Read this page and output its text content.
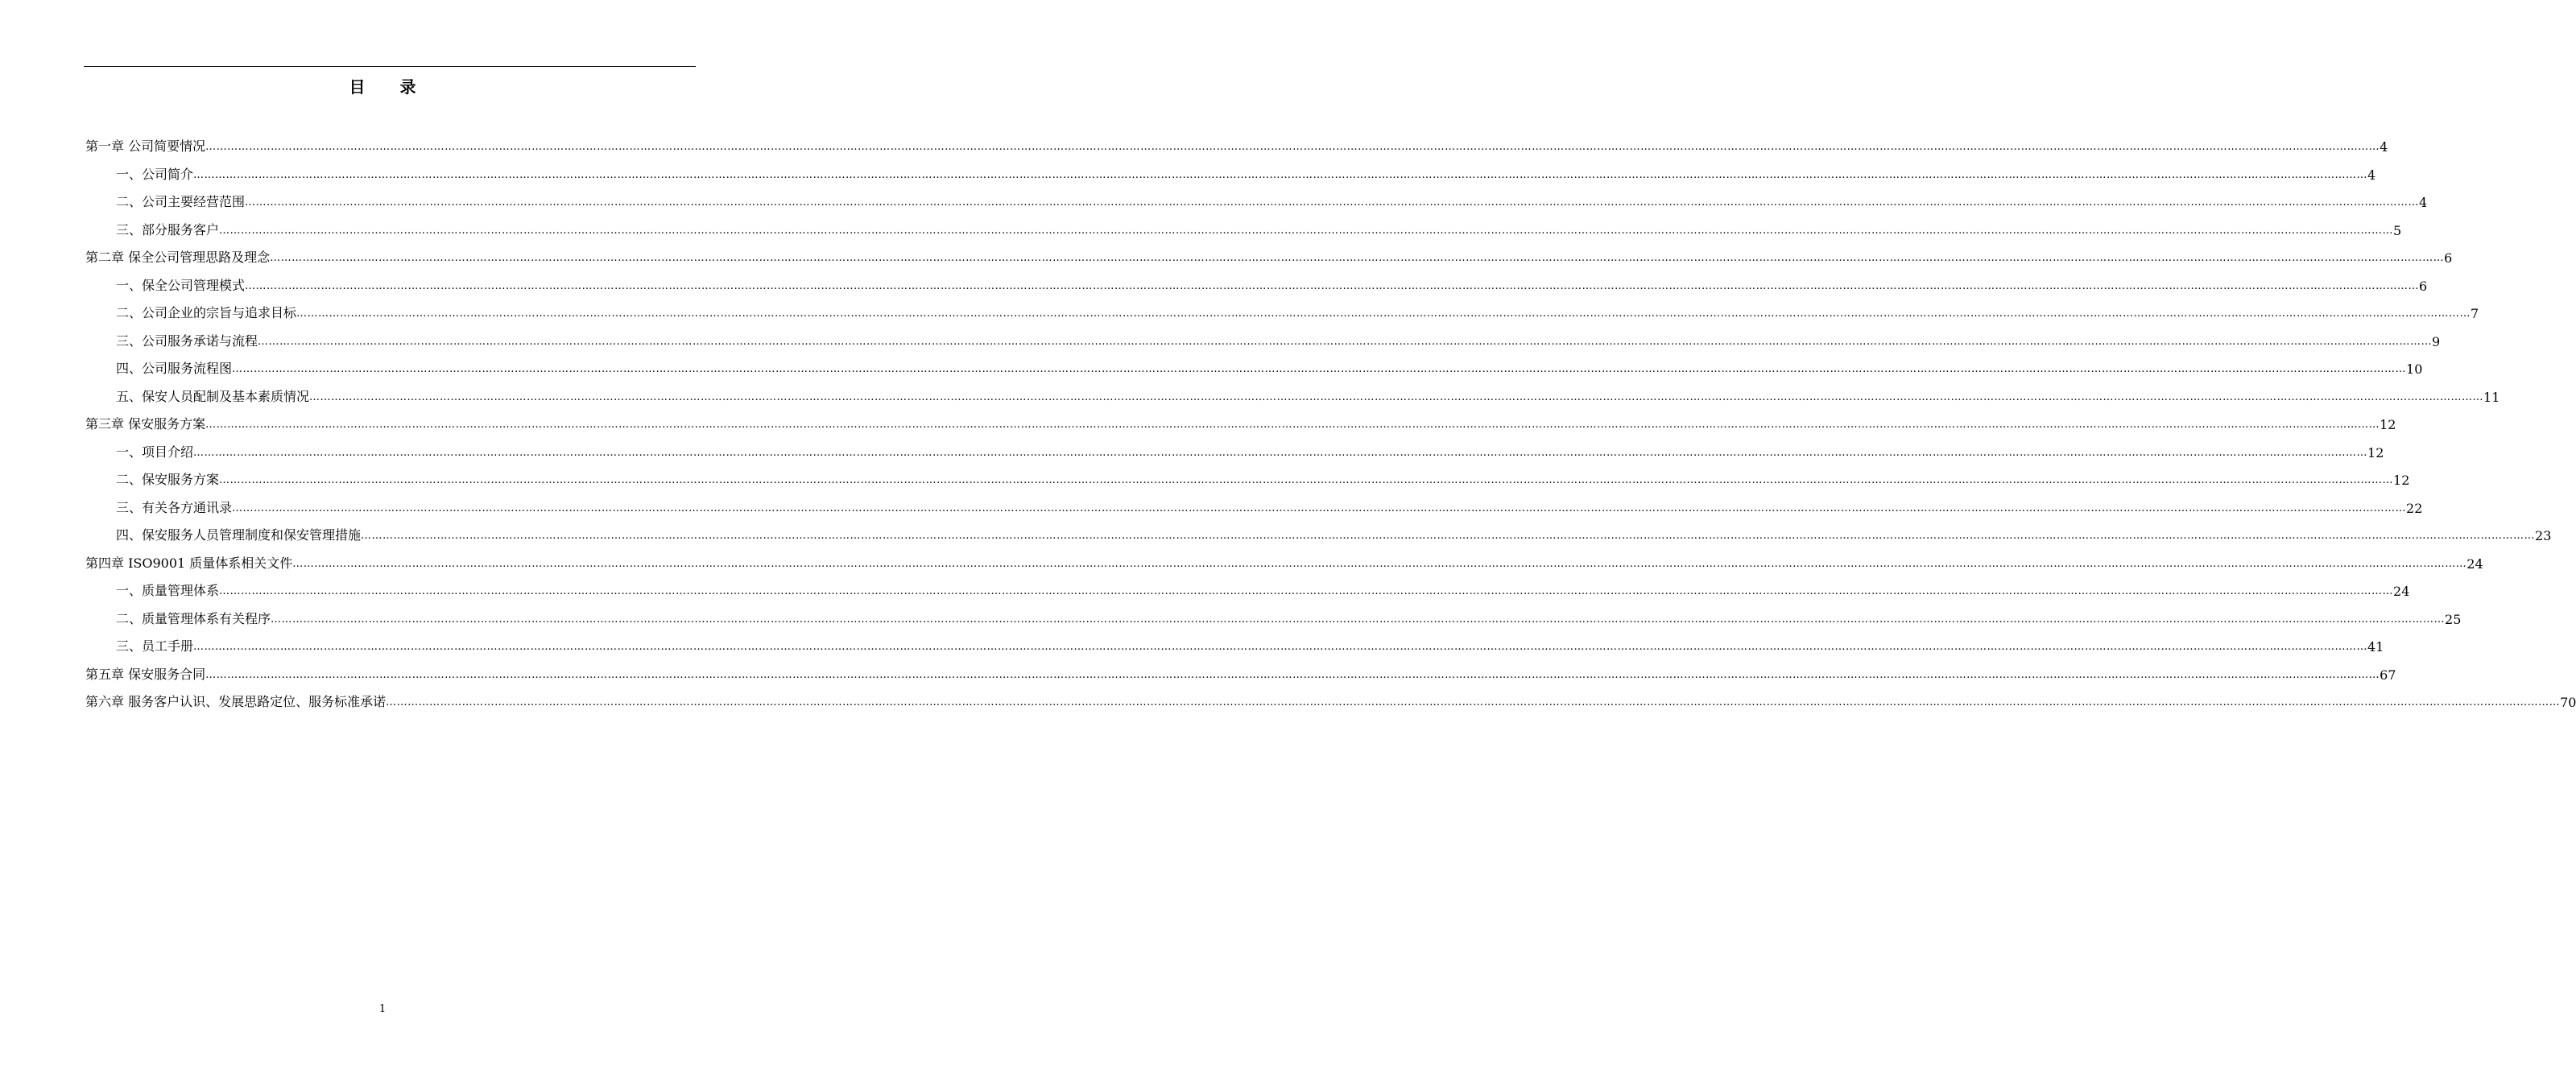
目 录
第一章 公司简要情况 …………………………………………………………………………………………………………………………………………………………………………………………………………………………………………………………………………………………………………………………………………………………………………………………………………………………………………………………………………………………………………………………………………………… 4
一、公司简介 …………………………………………………………………………………………………………………………………………………………………………………………………………………………………………………………………………………………………………………………………………………………………………………………………………………………………………………………………………………………………………………………………………………… 4
二、公司主要经营范围 …………………………………………………………………………………………………………………………………………………………………………………………………………………………………………………………………………………………………………………………………………………………………………………………………………………………………………………………………………………………………………………………………………………… 4
三、部分服务客户 …………………………………………………………………………………………………………………………………………………………………………………………………………………………………………………………………………………………………………………………………………………………………………………………………………………………………………………………………………………………………………………………………………………… 5
第二章 保全公司管理思路及理念 …………………………………………………………………………………………………………………………………………………………………………………………………………………………………………………………………………………………………………………………………………………………………………………………………………………………………………………………………………………………………………………………………………………… 6
一、保全公司管理模式 …………………………………………………………………………………………………………………………………………………………………………………………………………………………………………………………………………………………………………………………………………………………………………………………………………………………………………………………………………………………………………………………………………………… 6
二、公司企业的宗旨与追求目标 …………………………………………………………………………………………………………………………………………………………………………………………………………………………………………………………………………………………………………………………………………………………………………………………………………………………………………………………………………………………………………………………………………………… 7
三、公司服务承诺与流程 …………………………………………………………………………………………………………………………………………………………………………………………………………………………………………………………………………………………………………………………………………………………………………………………………………………………………………………………………………………………………………………………………………………… 9
四、公司服务流程图 …………………………………………………………………………………………………………………………………………………………………………………………………………………………………………………………………………………………………………………………………………………………………………………………………………………………………………………………………………………………………………………………………………………… 10
五、保安人员配制及基本素质情况 …………………………………………………………………………………………………………………………………………………………………………………………………………………………………………………………………………………………………………………………………………………………………………………………………………………………………………………………………………………………………………………………………………………… 11
第三章 保安服务方案 …………………………………………………………………………………………………………………………………………………………………………………………………………………………………………………………………………………………………………………………………………………………………………………………………………………………………………………………………………………………………………………………………………………… 12
一、项目介绍 …………………………………………………………………………………………………………………………………………………………………………………………………………………………………………………………………………………………………………………………………………………………………………………………………………………………………………………………………………………………………………………………………………………… 12
二、保安服务方案 …………………………………………………………………………………………………………………………………………………………………………………………………………………………………………………………………………………………………………………………………………………………………………………………………………………………………………………………………………………………………………………………………………………… 12
三、有关各方通讯录 …………………………………………………………………………………………………………………………………………………………………………………………………………………………………………………………………………………………………………………………………………………………………………………………………………………………………………………………………………………………………………………………………………………… 22
四、保安服务人员管理制度和保安管理措施 …………………………………………………………………………………………………………………………………………………………………………………………………………………………………………………………………………………………………………………………………………………………………………………………………………………………………………………………………………………………………………………………………………………… 23
第四章 ISO9001 质量体系相关文件 …………………………………………………………………………………………………………………………………………………………………………………………………………………………………………………………………………………………………………………………………………………………………………………………………………………………………………………………………………………………………………………………………………………… 24
一、质量管理体系 …………………………………………………………………………………………………………………………………………………………………………………………………………………………………………………………………………………………………………………………………………………………………………………………………………………………………………………………………………………………………………………………………………………… 24
二、质量管理体系有关程序 …………………………………………………………………………………………………………………………………………………………………………………………………………………………………………………………………………………………………………………………………………………………………………………………………………………………………………………………………………………………………………………………………………………… 25
三、员工手册 …………………………………………………………………………………………………………………………………………………………………………………………………………………………………………………………………………………………………………………………………………………………………………………………………………………………………………………………………………………………………………………………………………………… 41
第五章 保安服务合同 …………………………………………………………………………………………………………………………………………………………………………………………………………………………………………………………………………………………………………………………………………………………………………………………………………………………………………………………………………………………………………………………………………………… 67
第六章 服务客户认识、发展思路定位、服务标准承诺 …………………………………………………………………………………………………………………………………………………………………………………………………………………………………………………………………………………………………………………………………………………………………………………………………………………………………………………………………………………………………………………………………………………… 70
1
